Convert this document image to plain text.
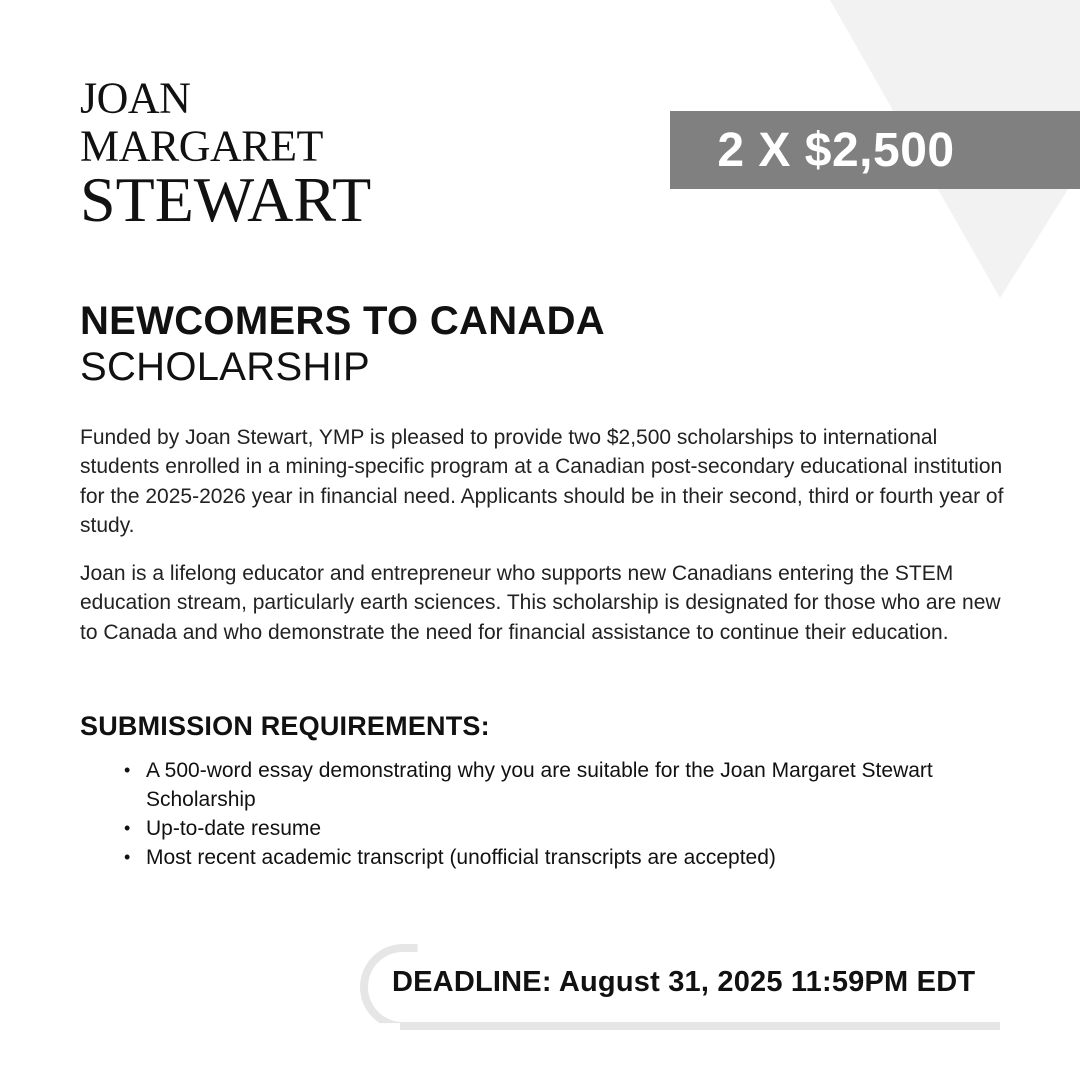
JOAN
MARGARET
STEWART
2 X $2,500
NEWCOMERS TO CANADA
SCHOLARSHIP

Funded by Joan Stewart, YMP is pleased to provide two $2,500 scholarships to international students enrolled in a mining-specific program at a Canadian post-secondary educational institution for the 2025-2026 year in financial need. Applicants should be in their second, third or fourth year of study.

Joan is a lifelong educator and entrepreneur who supports new Canadians entering the STEM education stream, particularly earth sciences. This scholarship is designated for those who are new to Canada and who demonstrate the need for financial assistance to continue their education.

SUBMISSION REQUIREMENTS:
• A 500-word essay demonstrating why you are suitable for the Joan Margaret Stewart Scholarship
• Up-to-date resume
• Most recent academic transcript (unofficial transcripts are accepted)
DEADLINE: August 31, 2025 11:59PM EDT
